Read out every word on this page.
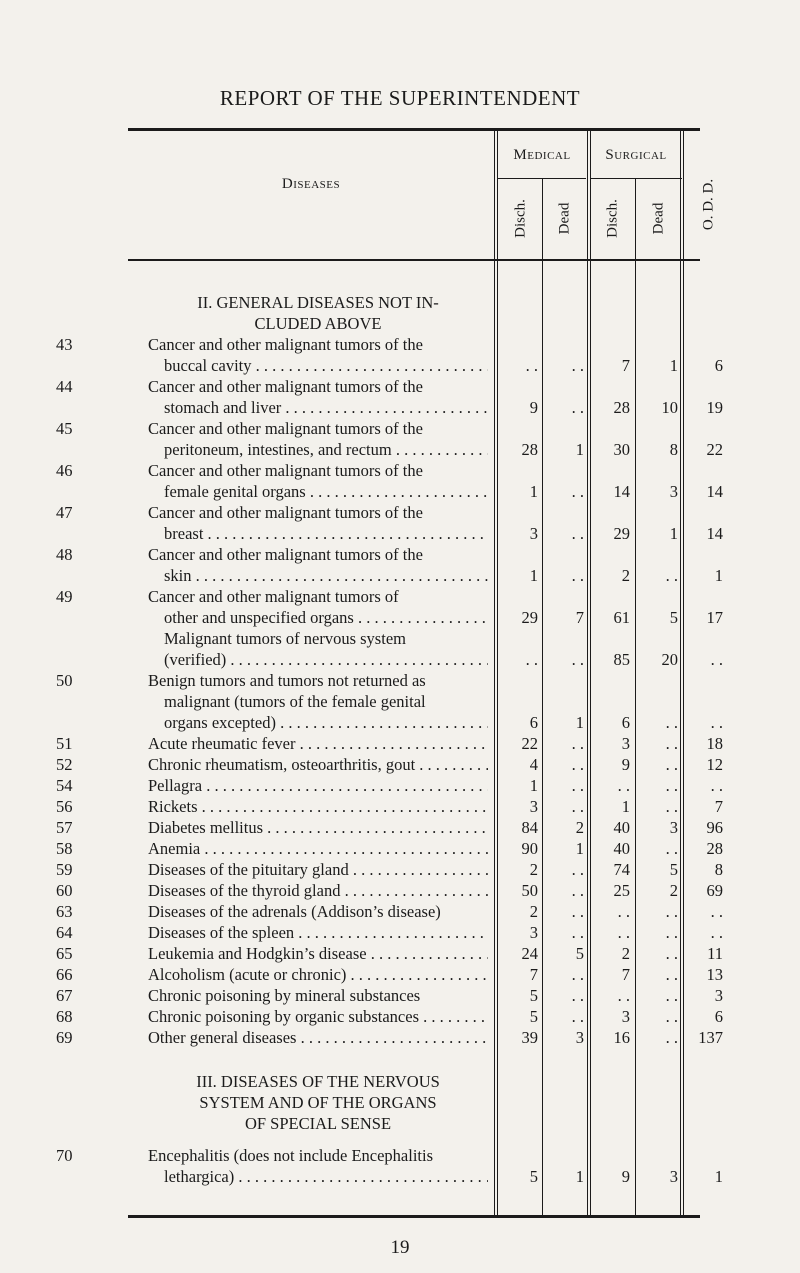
REPORT OF THE SUPERINTENDENT
Diseases
Medical	Surgical
Disch. Dead Disch. Dead O. D. D.
II. GENERAL DISEASES NOT IN-
CLUDED ABOVE
43	Cancer and other malignant tumors of the
buccal cavity . . .	. .	. .	7	1	6
44	Cancer and other malignant tumors of the
stomach and liver . . .	9	. .	28	10	19
45	Cancer and other malignant tumors of the
peritoneum, intestines, and rectum . . .	28	1	30	8	22
46	Cancer and other malignant tumors of the
female genital organs . . .	1	. .	14	3	14
47	Cancer and other malignant tumors of the
breast . . .	3	. .	29	1	14
48	Cancer and other malignant tumors of the
skin . . .	1	. .	2	. .	1
49	Cancer and other malignant tumors of
other and unspecified organs . . .	29	7	61	5	17
Malignant tumors of nervous system
(verified) . . .	. .	. .	85	20	. .
50	Benign tumors and tumors not returned as
malignant (tumors of the female genital
organs excepted) . . .	6	1	6	. .	. .
51	Acute rheumatic fever . . .	22	. .	3	. .	18
52	Chronic rheumatism, osteoarthritis, gout . . .	4	. .	9	. .	12
54	Pellagra . . .	1	. .	. .	. .	. .
56	Rickets . . .	3	. .	1	. .	7
57	Diabetes mellitus . . .	84	2	40	3	96
58	Anemia . . .	90	1	40	. .	28
59	Diseases of the pituitary gland . . .	2	. .	74	5	8
60	Diseases of the thyroid gland . . .	50	. .	25	2	69
63	Diseases of the adrenals (Addison’s disease)	2	. .	. .	. .	. .
64	Diseases of the spleen . . .	3	. .	. .	. .	. .
65	Leukemia and Hodgkin’s disease . . .	24	5	2	. .	11
66	Alcoholism (acute or chronic) . . .	7	. .	7	. .	13
67	Chronic poisoning by mineral substances	5	. .	. .	. .	3
68	Chronic poisoning by organic substances . . .	5	. .	3	. .	6
69	Other general diseases . . .	39	3	16	. .	137
III. DISEASES OF THE NERVOUS
SYSTEM AND OF THE ORGANS
OF SPECIAL SENSE
70	Encephalitis (does not include Encephalitis
lethargica) . . .	5	1	9	3	1
19
